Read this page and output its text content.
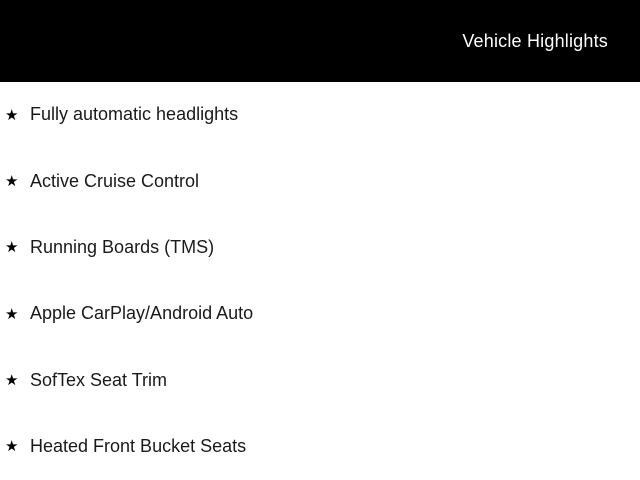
Vehicle Highlights
★ Fully automatic headlights
★ Active Cruise Control
★ Running Boards (TMS)
★ Apple CarPlay/Android Auto
★ SofTex Seat Trim
★ Heated Front Bucket Seats
